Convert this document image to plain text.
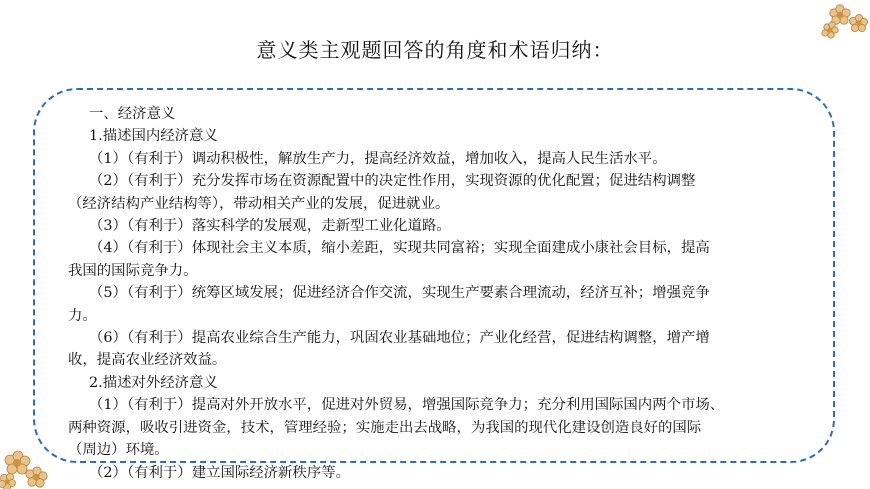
意义类主观题回答的角度和术语归纳：

一、经济意义

1.描述国内经济意义

（1）（有利于）调动积极性，解放生产力，提高经济效益，增加收入，提高人民生活水平。

（2）（有利于）充分发挥市场在资源配置中的决定性作用，实现资源的优化配置；促进结构调整

（经济结构产业结构等），带动相关产业的发展，促进就业。

（3）（有利于）落实科学的发展观，走新型工业化道路。

（4）（有利于）体现社会主义本质，缩小差距，实现共同富裕；实现全面建成小康社会目标，提高

我国的国际竞争力。

（5）（有利于）统筹区域发展；促进经济合作交流，实现生产要素合理流动，经济互补；增强竞争

力。

（6）（有利于）提高农业综合生产能力，巩固农业基础地位；产业化经营，促进结构调整，增产增

收，提高农业经济效益。

2.描述对外经济意义

（1）（有利于）提高对外开放水平，促进对外贸易，增强国际竞争力；充分利用国际国内两个市场、

两种资源，吸收引进资金，技术，管理经验；实施走出去战略，为我国的现代化建设创造良好的国际

（周边）环境。

（2）（有利于）建立国际经济新秩序等。
